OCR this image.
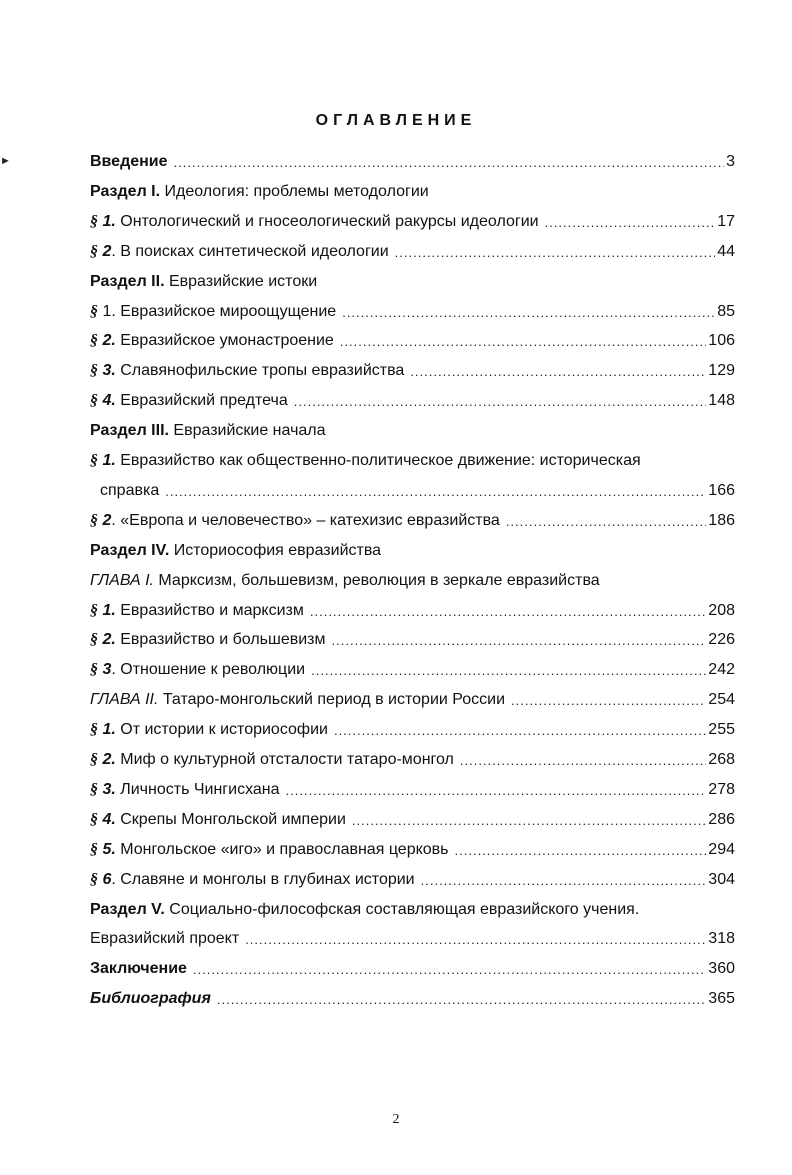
ОГЛАВЛЕНИЕ
Введение .....	3
Раздел I. Идеология: проблемы методологии
§ 1. Онтологический и гносеологический ракурсы идеологии .....	17
§ 2. В поисках синтетической идеологии .....	44
Раздел II. Евразийские истоки
§ 1. Евразийское мироощущение .....	85
§ 2. Евразийское умонастроение .....	106
§ 3. Славянофильские тропы евразийства .....	129
§ 4. Евразийский предтеча .....	148
Раздел III. Евразийские начала
§ 1. Евразийство как общественно-политическое движение: историческая
справка .....	166
§ 2. «Европа и человечество» – катехизис евразийства .....	186
Раздел IV. Историософия евразийства
ГЛАВА I. Марксизм, большевизм, революция в зеркале евразийства
§ 1. Евразийство и марксизм .....	208
§ 2. Евразийство и большевизм .....	226
§ 3. Отношение к революции .....	242
ГЛАВА II. Татаро-монгольский период в истории России .....	254
§ 1. От истории к историософии .....	255
§ 2. Миф о культурной отсталости татаро-монгол .....	268
§ 3. Личность Чингисхана .....	278
§ 4. Скрепы Монгольской империи .....	286
§ 5. Монгольское «иго» и православная церковь .....	294
§ 6. Славяне и монголы в глубинах истории .....	304
Раздел V. Социально-философская составляющая евразийского учения.
Евразийский проект .....	318
Заключение .....	360
Библиография .....	365
2
►
